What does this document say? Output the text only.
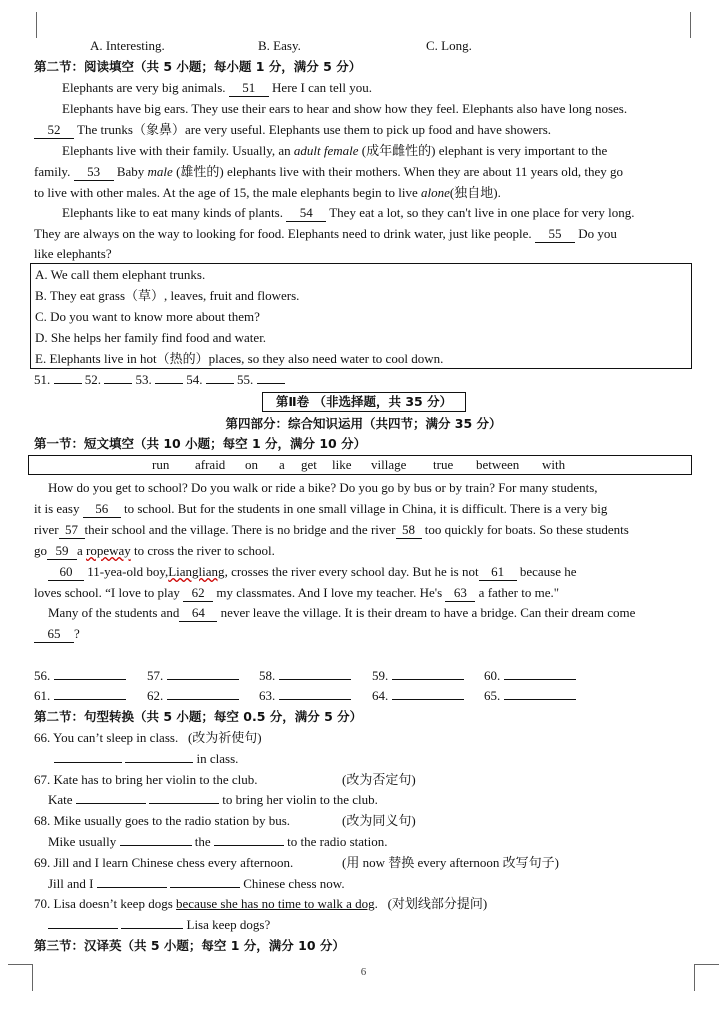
A. Interesting.	B. Easy.	C. Long.
第二节：阅读填空（共 5 小题；每小题 1 分，满分 5 分）
Elephants are very big animals. 51 Here I can tell you.
Elephants have big ears. They use their ears to hear and show how they feel. Elephants also have long noses.
52 The trunks（象鼻）are very useful. Elephants use them to pick up food and have showers.
Elephants live with their family. Usually, an adult female (成年雌性的) elephant is very important to the
family. 53 Baby male (雄性的) elephants live with their mothers. When they are about 11 years old, they go
to live with other males. At the age of 15, the male elephants begin to live alone(独自地).
Elephants like to eat many kinds of plants. 54 They eat a lot, so they can't live in one place for very long.
They are always on the way to looking for food. Elephants need to drink water, just like people. 55 Do you
like elephants?
A. We call them elephant trunks.
B. They eat grass（草）, leaves, fruit and flowers.
C. Do you want to know more about them?
D. She helps her family find food and water.
E. Elephants live in hot（热的）places, so they also need water to cool down.
51.	52.	53.	54.	55.
第Ⅱ卷 （非选择题，共 35 分）
第四部分：综合知识运用（共四节；满分 35 分）
第一节：短文填空（共 10 小题；每空 1 分，满分 10 分）
run afraid on a get like village true between with
How do you get to school? Do you walk or ride a bike? Do you go by bus or by train? For many students,
it is easy 56 to school. But for the students in one small village in China, it is difficult. There is a very big
river 57 their school and the village. There is no bridge and the river 58 too quickly for boats. So these students
go 59 a ropeway to cross the river to school.
60 11-yea-old boy,Liangliang, crosses the river every school day. But he is not 61 because he
loves school. “I love to play 62 my classmates. And I love my teacher. He's 63 a father to me."
Many of the students and 64 never leave the village. It is their dream to have a bridge. Can their dream come
65 ?
56.	57.	58.	59.	60.
61.	62.	63.	64.	65.
第二节：句型转换（共 5 小题；每空 0.5 分，满分 5 分）
66. You can’t sleep in class. (改为祈使句)
in class.
67. Kate has to bring her violin to the club.	(改为否定句)
Kate	to bring her violin to the club.
68. Mike usually goes to the radio station by bus.	(改为同义句)
Mike usually	the	to the radio station.
69. Jill and I learn Chinese chess every afternoon.	(用 now 替换 every afternoon 改写句子)
Jill and I	Chinese chess now.
70. Lisa doesn’t keep dogs because she has no time to walk a dog. (对划线部分提问)
Lisa keep dogs?
第三节：汉译英（共 5 小题；每空 1 分，满分 10 分）
6
